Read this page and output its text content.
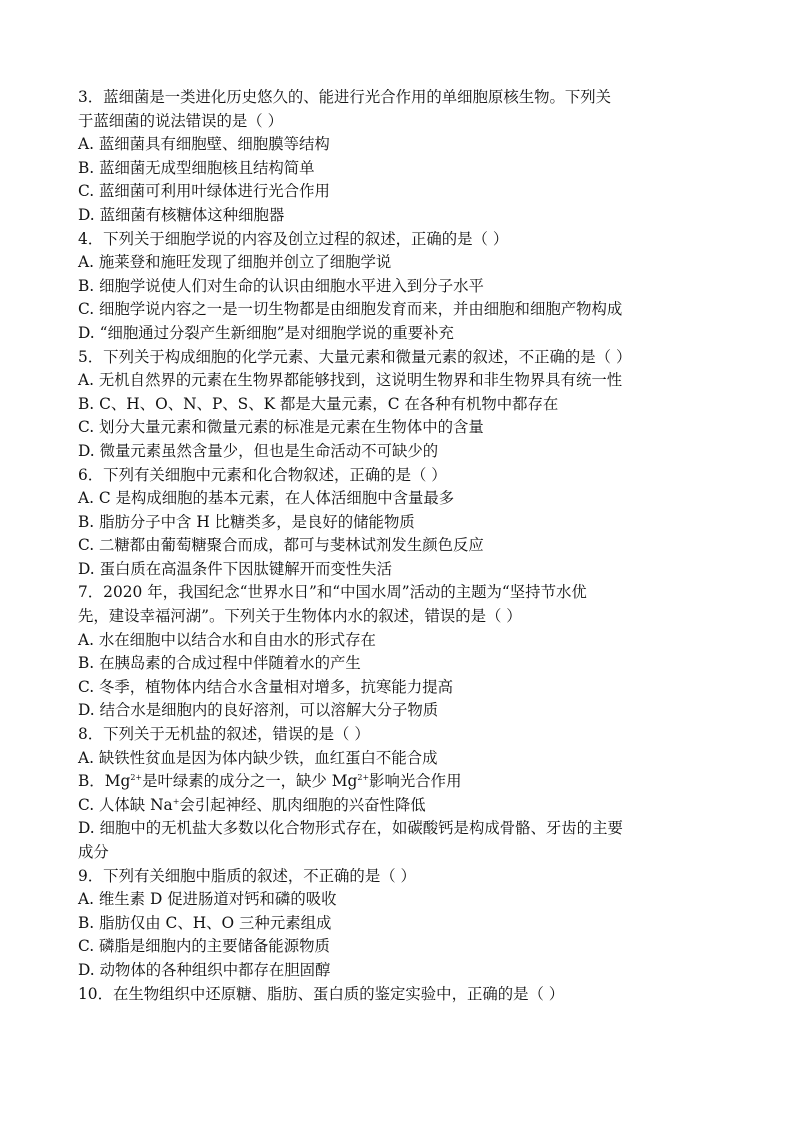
3．蓝细菌是一类进化历史悠久的、能进行光合作用的单细胞原核生物。下列关
于蓝细菌的说法错误的是（ ）
A. 蓝细菌具有细胞壁、细胞膜等结构
B. 蓝细菌无成型细胞核且结构简单
C. 蓝细菌可利用叶绿体进行光合作用
D. 蓝细菌有核糖体这种细胞器
4．下列关于细胞学说的内容及创立过程的叙述，正确的是（ ）
A. 施莱登和施旺发现了细胞并创立了细胞学说
B. 细胞学说使人们对生命的认识由细胞水平进入到分子水平
C. 细胞学说内容之一是一切生物都是由细胞发育而来，并由细胞和细胞产物构成
D. “细胞通过分裂产生新细胞”是对细胞学说的重要补充
5．下列关于构成细胞的化学元素、大量元素和微量元素的叙述，不正确的是（ ）
A. 无机自然界的元素在生物界都能够找到，这说明生物界和非生物界具有统一性
B. C、H、O、N、P、S、K 都是大量元素，C 在各种有机物中都存在
C. 划分大量元素和微量元素的标准是元素在生物体中的含量
D. 微量元素虽然含量少，但也是生命活动不可缺少的
6．下列有关细胞中元素和化合物叙述，正确的是（ ）
A. C 是构成细胞的基本元素，在人体活细胞中含量最多
B. 脂肪分子中含 H 比糖类多，是良好的储能物质
C. 二糖都由葡萄糖聚合而成，都可与斐林试剂发生颜色反应
D. 蛋白质在高温条件下因肽键解开而变性失活
7．2020 年，我国纪念“世界水日”和“中国水周”活动的主题为“坚持节水优
先，建设幸福河湖”。下列关于生物体内水的叙述，错误的是（ ）
A. 水在细胞中以结合水和自由水的形式存在
B. 在胰岛素的合成过程中伴随着水的产生
C. 冬季，植物体内结合水含量相对增多，抗寒能力提高
D. 结合水是细胞内的良好溶剂，可以溶解大分子物质
8．下列关于无机盐的叙述，错误的是（ ）
A. 缺铁性贫血是因为体内缺少铁，血红蛋白不能合成
B．$Mg^{2+}$是叶绿素的成分之一，缺少 $Mg^{2+}$影响光合作用
C. 人体缺 Na+会引起神经、肌肉细胞的兴奋性降低
D. 细胞中的无机盐大多数以化合物形式存在，如碳酸钙是构成骨骼、牙齿的主要
成分
9．下列有关细胞中脂质的叙述，不正确的是（ ）
A. 维生素 D 促进肠道对钙和磷的吸收
B. 脂肪仅由 C、H、O 三种元素组成
C. 磷脂是细胞内的主要储备能源物质
D. 动物体的各种组织中都存在胆固醇
10．在生物组织中还原糖、脂肪、蛋白质的鉴定实验中，正确的是（ ）
